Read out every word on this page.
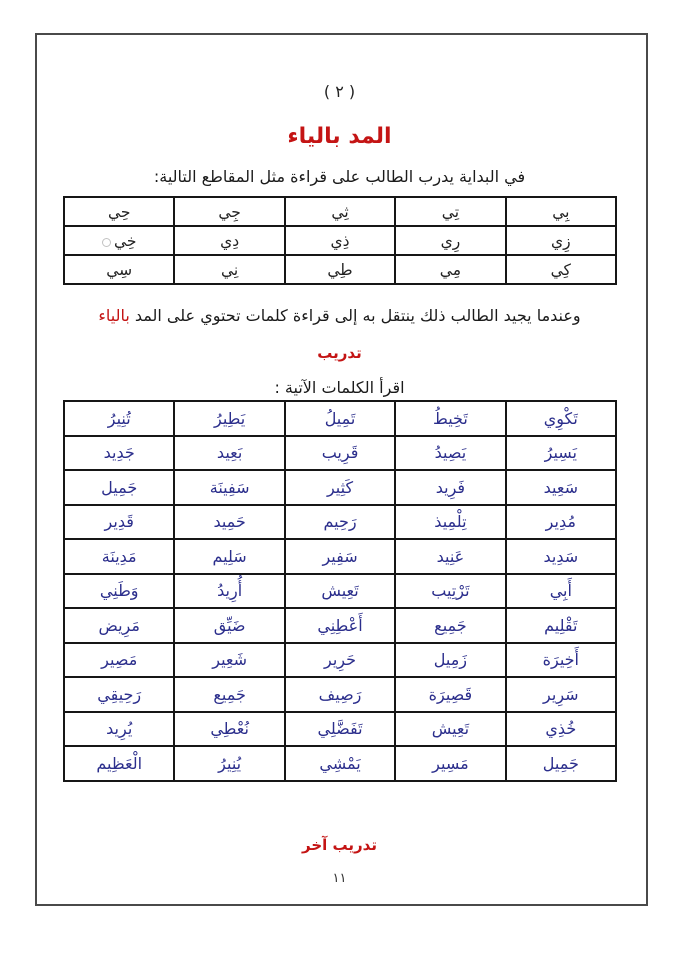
( ٢ )
المد بالياء
في البداية يدرب الطالب على قراءة مثل المقاطع التالية:
بِي	تِي	ثِي	جِي	حِي
زِي	رِي	ذِي	دِي	خِي
كِي	مِي	طِي	نِي	سِي
وعندما يجيد الطالب ذلك ينتقل به إلى قراءة كلمات تحتوي على المد بالياء
تدريب
اقرأ الكلمات الآتية :
تَكْوِي	تَخِيطُ	تَمِيلُ	يَطِيرُ	تُنِيرُ
يَسِيرُ	يَصِيدُ	قَرِيب	بَعِيد	جَدِيد
سَعِيد	فَرِيد	كَثِير	سَفِينَة	جَمِيل
مُدِير	تِلْمِيذ	رَحِيم	حَمِيد	قَدِير
سَدِيد	عَنِيد	سَفِير	سَلِيم	مَدِينَة
أَبِي	تَرْتِيب	تَعِيش	أُرِيدُ	وَطَنِي
تَقْلِيم	جَمِيع	أَعْطِنِي	ضَيِّق	مَرِيض
أَخِيرَة	زَمِيل	حَرِير	شَعِير	مَصِير
سَرِير	قَصِيرَة	رَصِيف	جَمِيع	رَحِيقِي
خُذِي	تَعِيش	تَفَضَّلِي	نُعْطِي	يُرِيد
جَمِيل	مَسِير	يَمْشِي	يُنِيرُ	الْعَظِيم
تدريب آخر
١١
